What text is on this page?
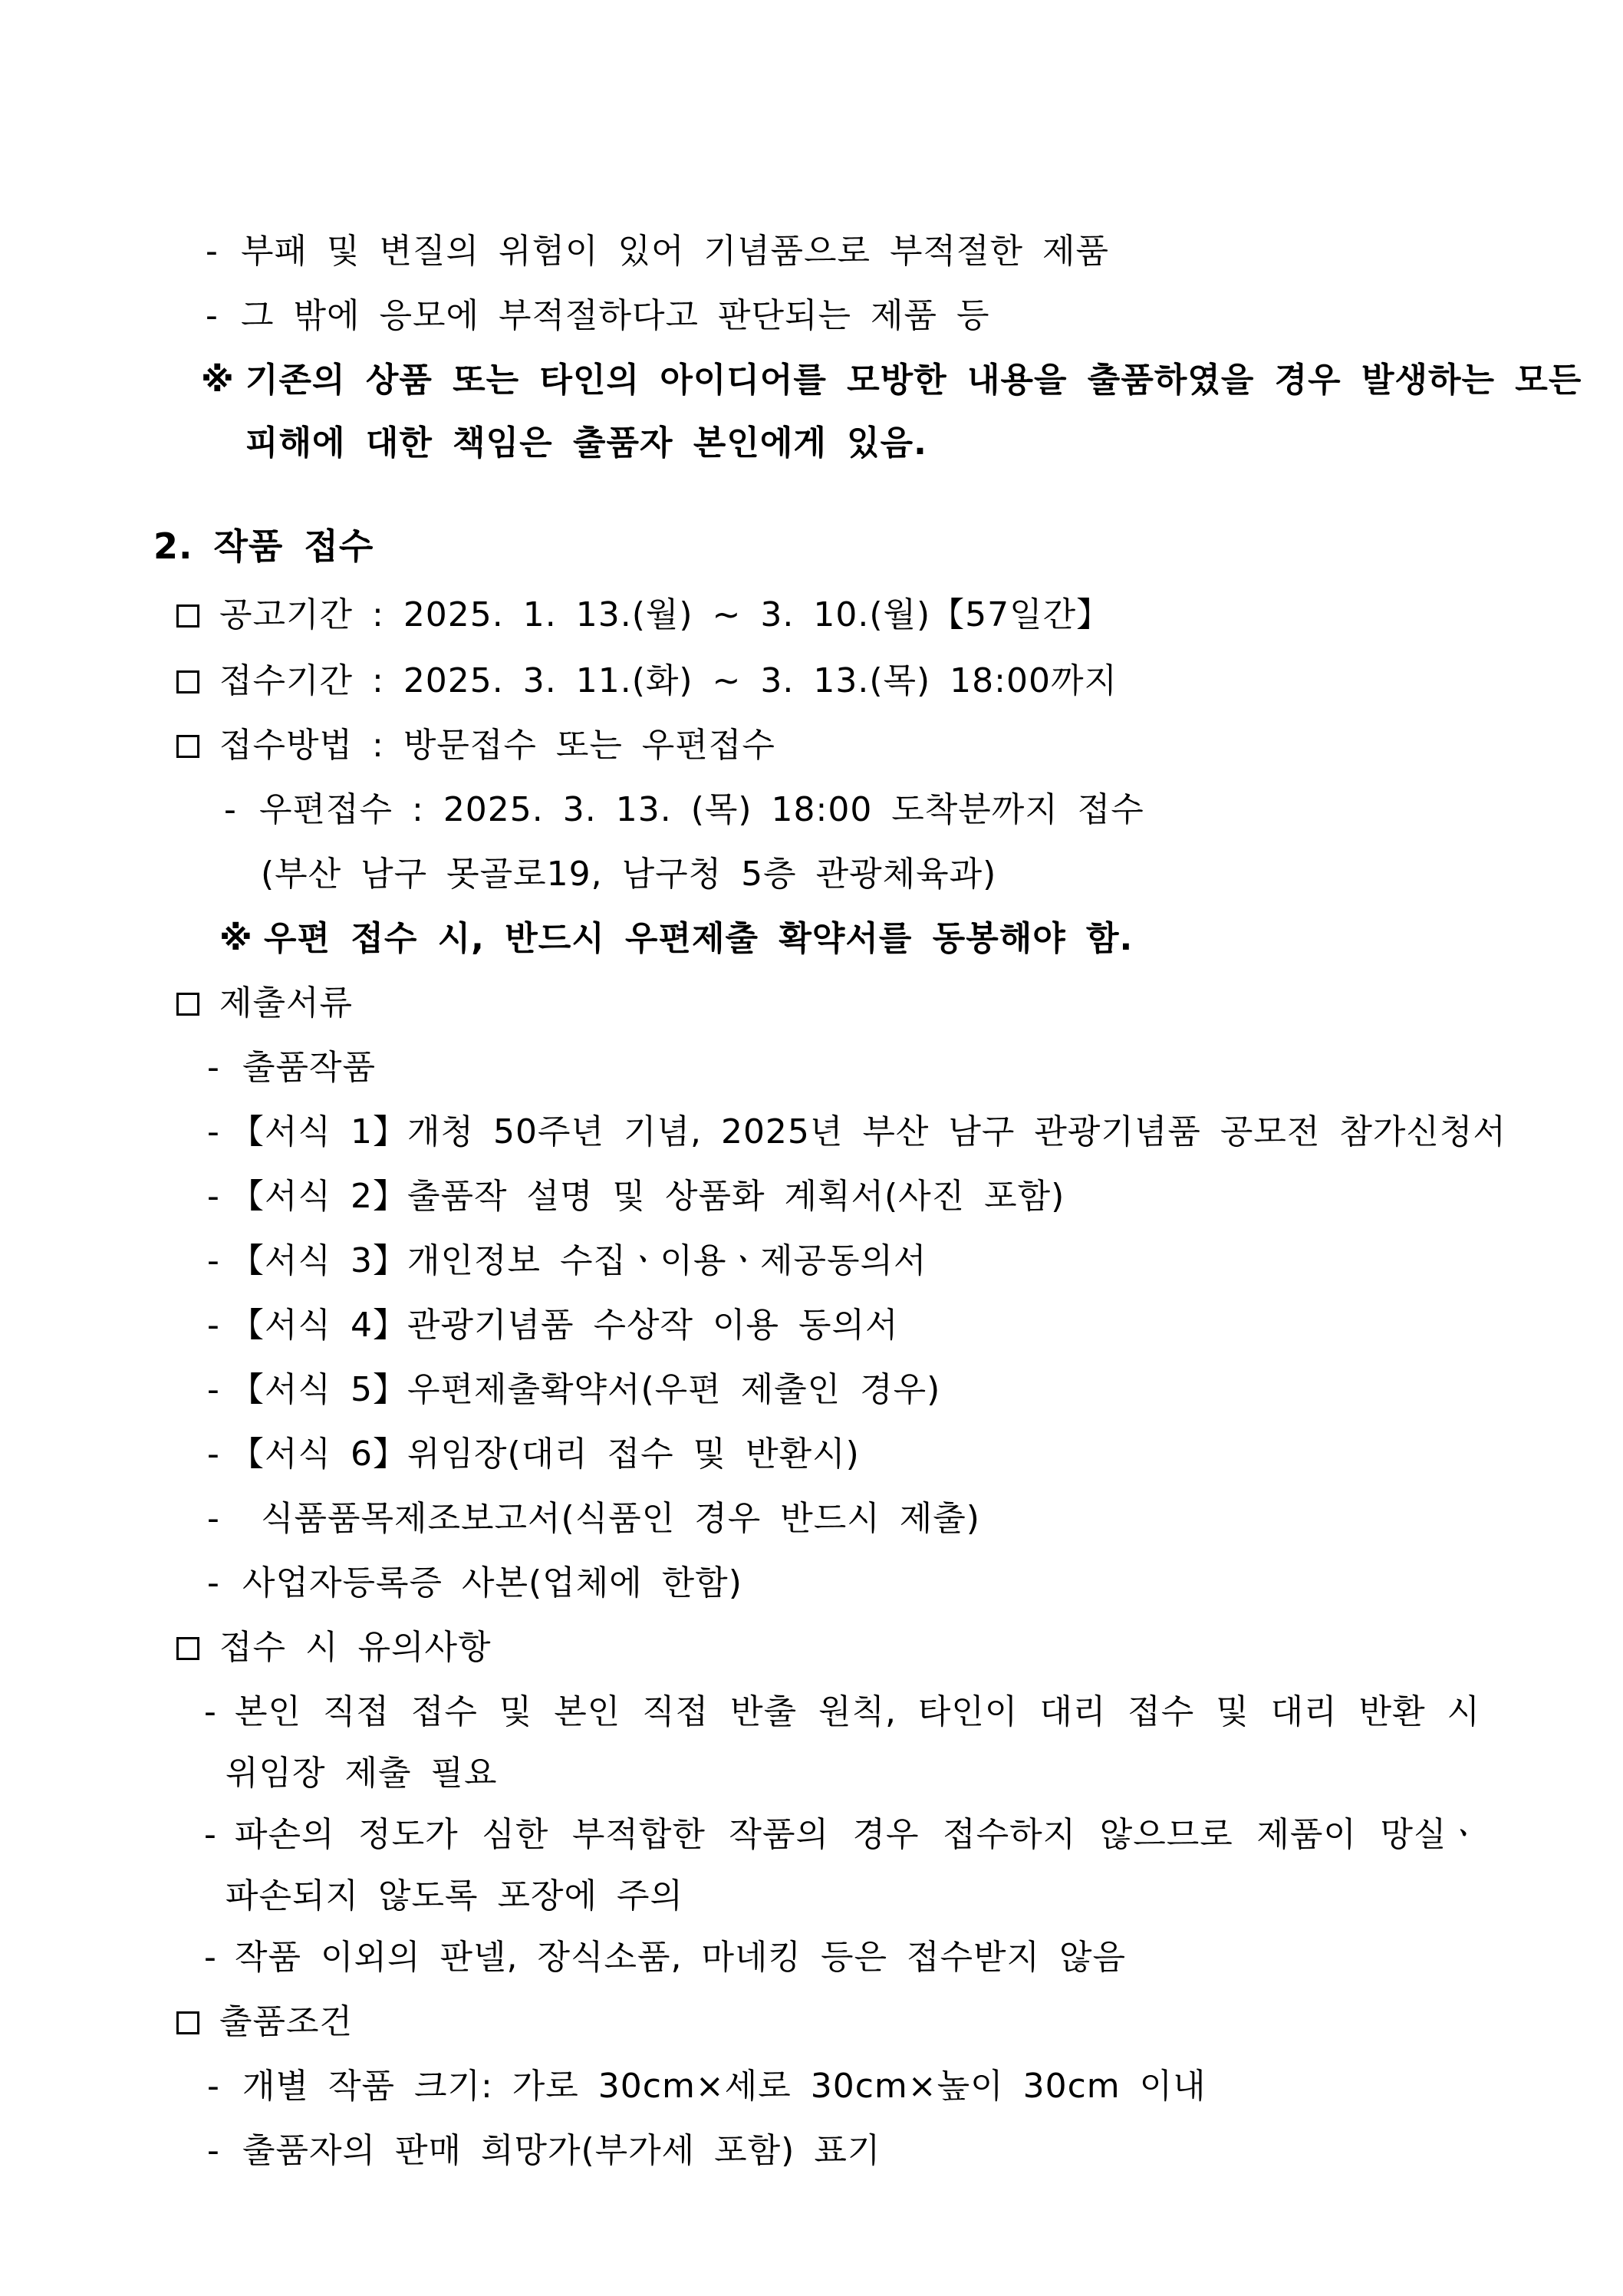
- 부패 및 변질의 위험이 있어 기념품으로 부적절한 제품
- 그 밖에 응모에 부적절하다고 판단되는 제품 등
※ 기존의 상품 또는 타인의 아이디어를 모방한 내용을 출품하였을 경우 발생하는 모든
피해에 대한 책임은 출품자 본인에게 있음.
2. 작품 접수
공고기간 : 2025. 1. 13.(월) ~ 3. 10.(월)【57일간】
접수기간 : 2025. 3. 11.(화) ~ 3. 13.(목) 18:00까지
접수방법 : 방문접수 또는 우편접수
- 우편접수 : 2025. 3. 13. (목) 18:00 도착분까지 접수
(부산 남구 못골로19, 남구청 5층 관광체육과)
※ 우편 접수 시, 반드시 우편제출 확약서를 동봉해야 함.
제출서류
- 출품작품
- 【서식 1】개청 50주년 기념, 2025년 부산 남구 관광기념품 공모전 참가신청서
- 【서식 2】출품작 설명 및 상품화 계획서(사진 포함)
- 【서식 3】개인정보 수집ㆍ이용ㆍ제공동의서
- 【서식 4】관광기념품 수상작 이용 동의서
- 【서식 5】우편제출확약서(우편 제출인 경우)
- 【서식 6】위임장(대리 접수 및 반환시)
- 식품품목제조보고서(식품인 경우 반드시 제출)
- 사업자등록증 사본(업체에 한함)
접수 시 유의사항
- 본인 직접 접수 및 본인 직접 반출 원칙, 타인이 대리 접수 및 대리 반환 시
위임장 제출 필요
- 파손의 정도가 심한 부적합한 작품의 경우 접수하지 않으므로 제품이 망실ㆍ
파손되지 않도록 포장에 주의
- 작품 이외의 판넬, 장식소품, 마네킹 등은 접수받지 않음
출품조건
- 개별 작품 크기: 가로 30cm×세로 30cm×높이 30cm 이내
- 출품자의 판매 희망가(부가세 포함) 표기
